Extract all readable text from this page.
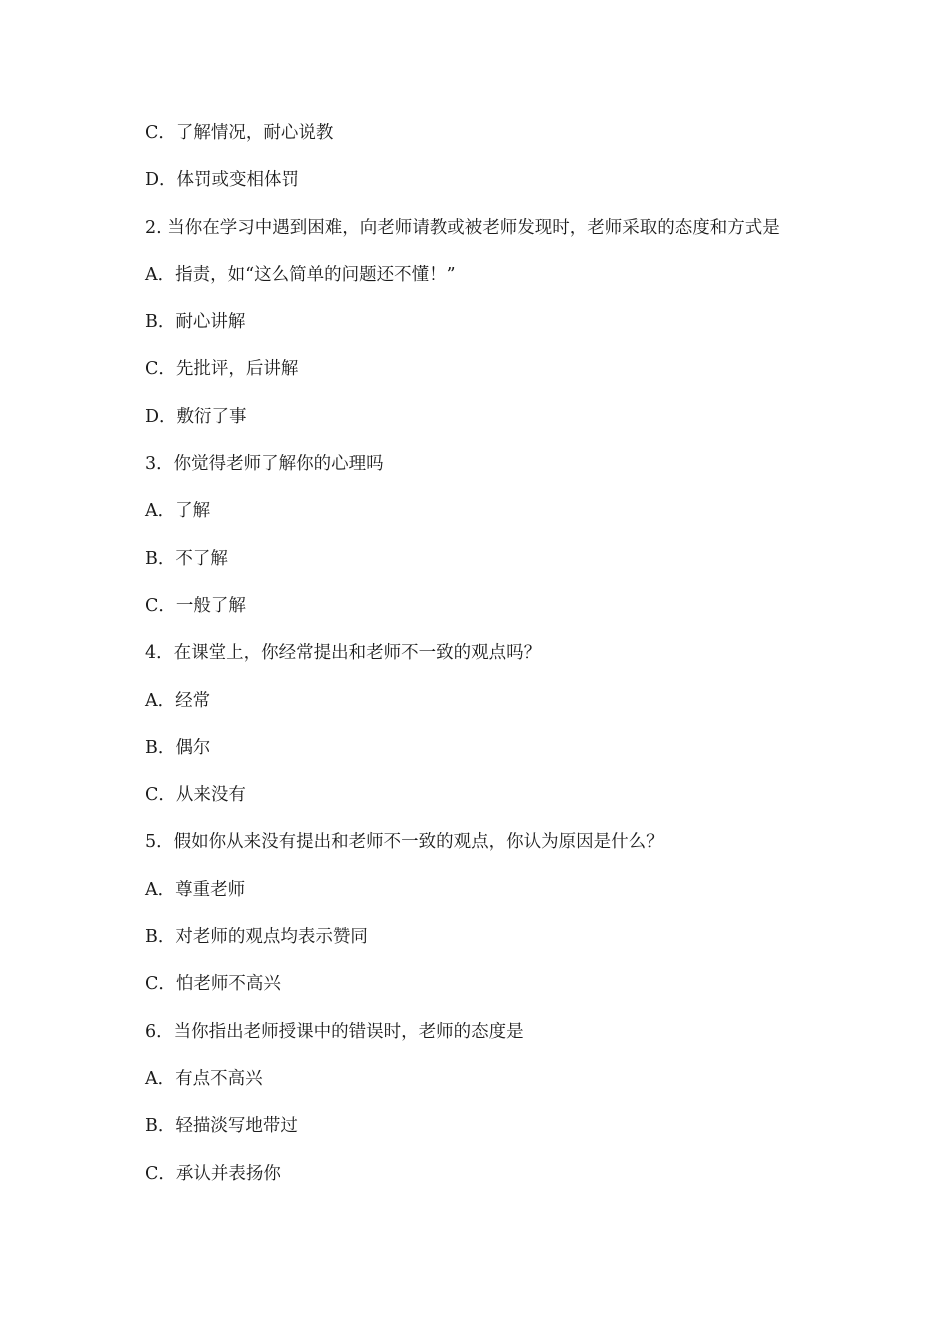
C．了解情况，耐心说教

D．体罚或变相体罚

2. 当你在学习中遇到困难，向老师请教或被老师发现时，老师采取的态度和方式是

A．指责，如“这么简单的问题还不懂！”

B．耐心讲解

C．先批评，后讲解

D．敷衍了事

3．你觉得老师了解你的心理吗

A．了解

B．不了解

C．一般了解

4．在课堂上，你经常提出和老师不一致的观点吗？

A．经常

B．偶尔

C．从来没有

5．假如你从来没有提出和老师不一致的观点，你认为原因是什么？

A．尊重老师

B．对老师的观点均表示赞同

C．怕老师不高兴

6．当你指出老师授课中的错误时，老师的态度是

A．有点不高兴

B．轻描淡写地带过

C．承认并表扬你
